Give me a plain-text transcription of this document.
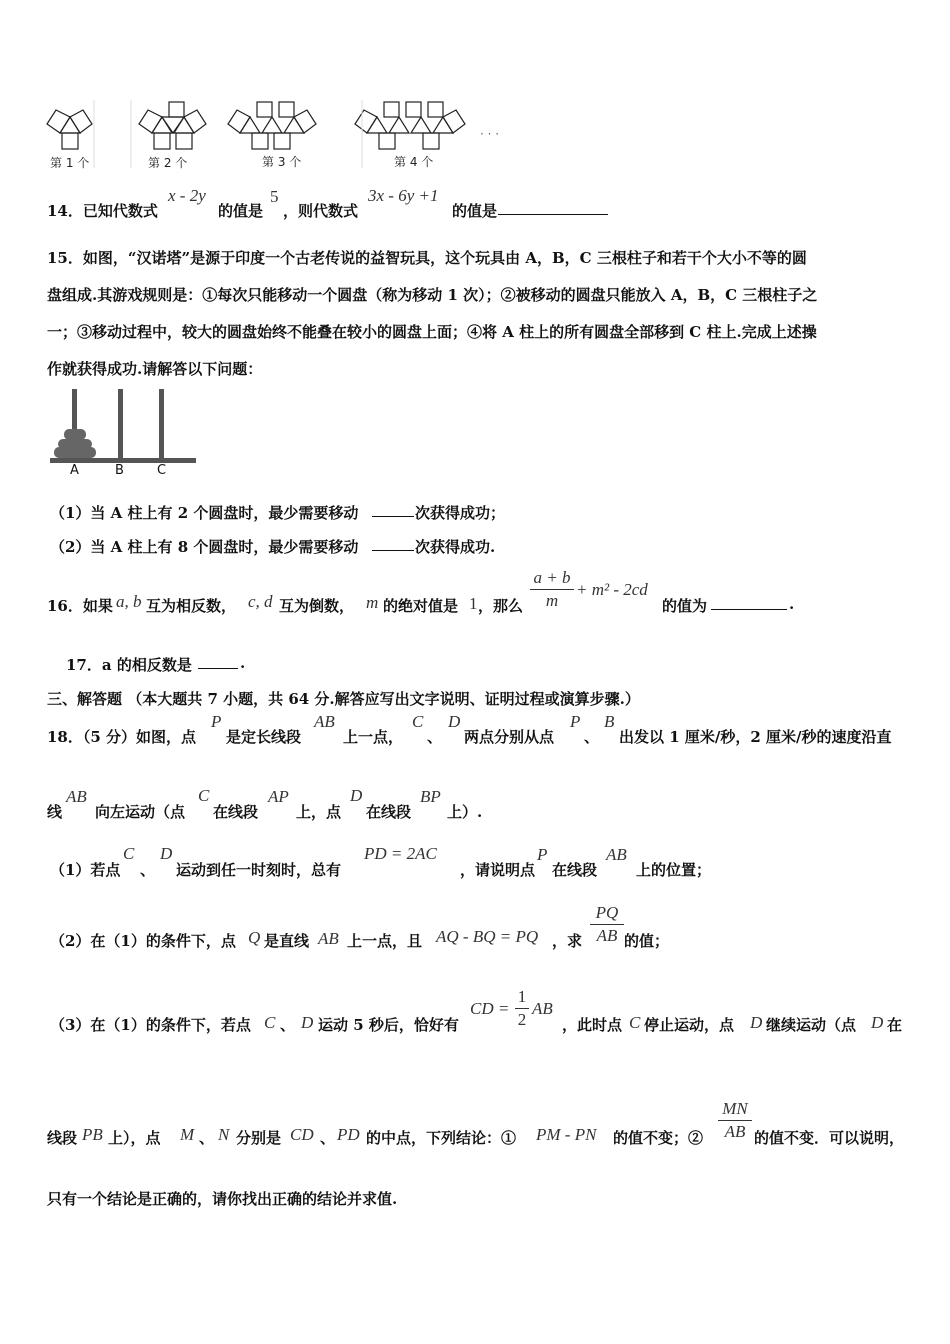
第 1 个	第 2 个	第 3 个	第 4 个
· · ·
14．已知代数式
x - 2y
的值是
5
，则代数式
3x - 6y +1
的值是
15．如图，“汉诺塔”是源于印度一个古老传说的益智玩具，这个玩具由 A，B，C 三根柱子和若干个大小不等的圆
盘组成.其游戏规则是：①每次只能移动一个圆盘（称为移动 1 次）；②被移动的圆盘只能放入 A，B，C 三根柱子之
一；③移动过程中，较大的圆盘始终不能叠在较小的圆盘上面；④将 A 柱上的所有圆盘全部移到 C 柱上.完成上述操
作就获得成功.请解答以下问题：
A	B	C
（1）当 A 柱上有 2 个圆盘时，最少需要移动	次获得成功；
（2）当 A 柱上有 8 个圆盘时，最少需要移动	次获得成功.
16．如果 a, b 互为相反数， c, d 互为倒数， m 的绝对值是 1 ，那么
a + b
m
+ m² - 2cd
的值为	.
17．a 的相反数是	.
三、解答题 （本大题共 7 小题，共 64 分.解答应写出文字说明、证明过程或演算步骤.）
18．（5 分）如图，点
P
是定长线段
AB
上一点，
C
、
D
两点分别从点
P
、
B
出发以 1 厘米/秒，2 厘米/秒的速度沿直
线
AB
向左运动（点
C
在线段
AP
上，点
D
在线段
BP
上）.
（1）若点
C
、
D
运动到任一时刻时，总有
PD = 2AC
，请说明点
P
在线段
AB
上的位置；
（2）在（1）的条件下，点 Q 是直线 AB 上一点，且 AQ - BQ = PQ ，求
PQ
AB 的值；
（3）在（1）的条件下，若点 C 、 D 运动 5 秒后，恰好有
CD =
1
2
AB
，此时点 C 停止运动，点 D 继续运动（点 D 在
线段 PB 上），点 M 、 N 分别是 CD 、 PD 的中点，下列结论：① PM - PN 的值不变；②
MN
AB 的值不变．可以说明，
只有一个结论是正确的，请你找出正确的结论并求值.
